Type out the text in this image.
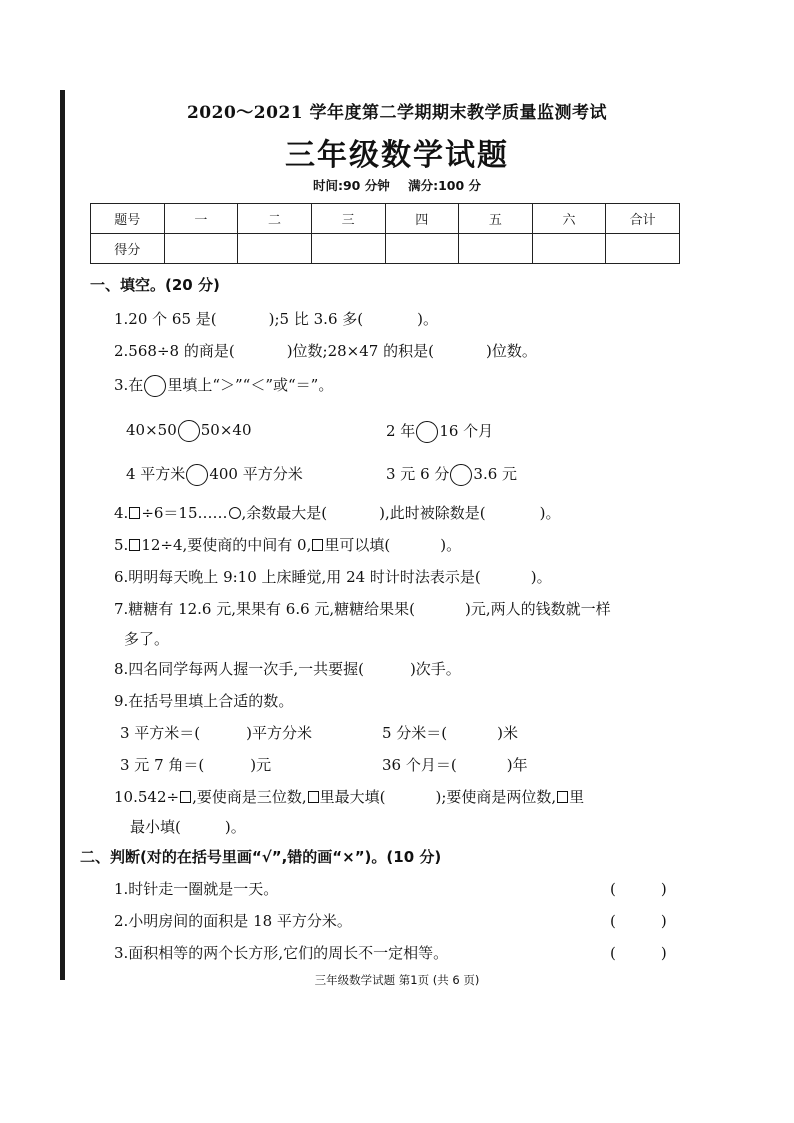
2020～2021 学年度第二学期期末教学质量监测考试
三年级数学试题
时间:90 分钟 满分:100 分
题号	一	二	三	四	五	六	合计
得分							
一、填空。(20 分)
1.20 个 65 是(	);5 比 3.6 多(	)。
2.568÷8 的商是(	)位数;28×47 的积是(	)位数。
3.在 里填上“＞”“＜”或“＝”。
40×50 50×40	2 年 16 个月
4 平方米 400 平方分米	3 元 6 分 3.6 元
4. ÷6＝15…… ,余数最大是(	),此时被除数是(	)。
5. 12÷4,要使商的中间有 0, 里可以填(	)。
6.明明每天晚上 9:10 上床睡觉,用 24 时计时法表示是(	)。
7.糖糖有 12.6 元,果果有 6.6 元,糖糖给果果(	)元,两人的钱数就一样
多了。
8.四名同学每两人握一次手,一共要握(	)次手。
9.在括号里填上合适的数。
3 平方米＝(	)平方分米	5 分米＝(	)米
3 元 7 角＝(	)元	36 个月＝(	)年
10.542÷ ,要使商是三位数, 里最大填(	);要使商是两位数, 里
最小填(	)。
二、判断(对的在括号里画“√”,错的画“×”)。(10 分)
1.时针走一圈就是一天。	(　　　)
2.小明房间的面积是 18 平方分米。	(　　　)
3.面积相等的两个长方形,它们的周长不一定相等。	(　　　)
三年级数学试题 第1页 (共 6 页)
